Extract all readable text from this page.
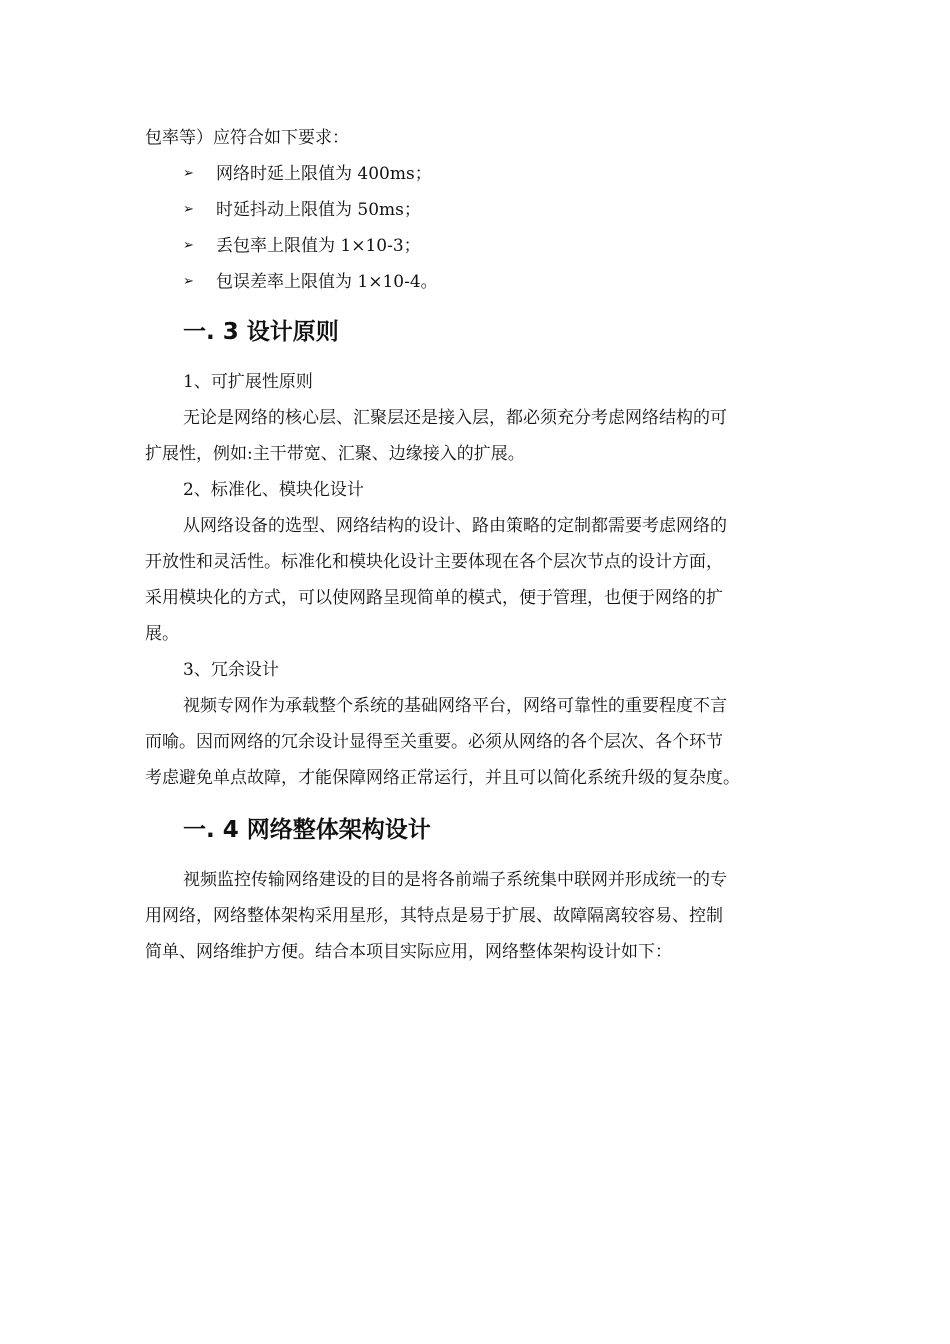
包率等）应符合如下要求：
➢	网络时延上限值为 400ms；
➢	时延抖动上限值为 50ms；
➢	丢包率上限值为 1×10-3；
➢	包误差率上限值为 1×10-4。
一. 3 设计原则
1、可扩展性原则
无论是网络的核心层、汇聚层还是接入层，都必须充分考虑网络结构的可
扩展性，例如:主干带宽、汇聚、边缘接入的扩展。
2、标准化、模块化设计
从网络设备的选型、网络结构的设计、路由策略的定制都需要考虑网络的
开放性和灵活性。标准化和模块化设计主要体现在各个层次节点的设计方面，
采用模块化的方式，可以使网路呈现简单的模式，便于管理，也便于网络的扩
展。
3、冗余设计
视频专网作为承载整个系统的基础网络平台，网络可靠性的重要程度不言
而喻。因而网络的冗余设计显得至关重要。必须从网络的各个层次、各个环节
考虑避免单点故障，才能保障网络正常运行，并且可以简化系统升级的复杂度。
一. 4 网络整体架构设计
视频监控传输网络建设的目的是将各前端子系统集中联网并形成统一的专
用网络，网络整体架构采用星形，其特点是易于扩展、故障隔离较容易、控制
简单、网络维护方便。结合本项目实际应用，网络整体架构设计如下：
